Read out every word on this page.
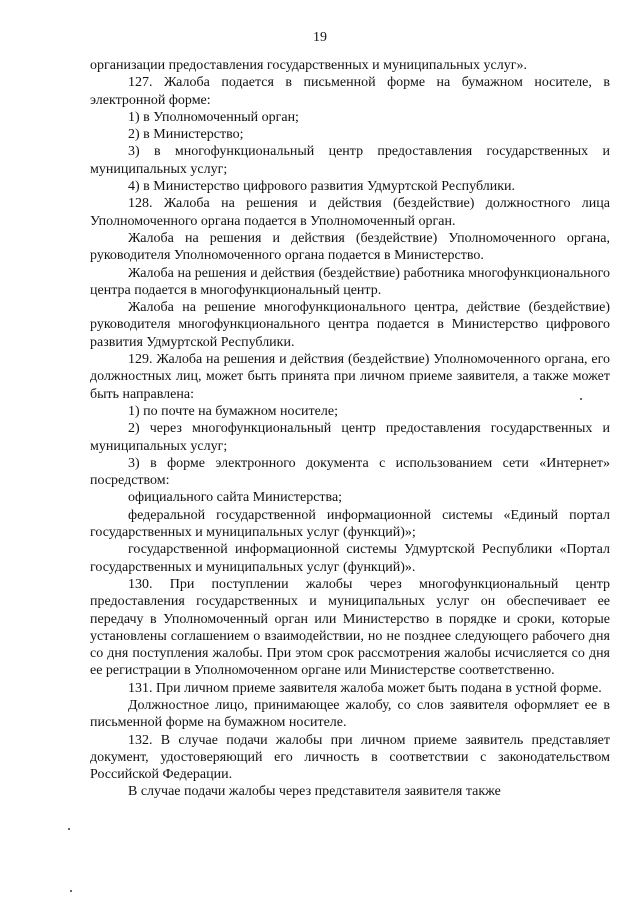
19

организации предоставления государственных и муниципальных услуг».

127. Жалоба подается в письменной форме на бумажном носителе, в электронной форме:

1) в Уполномоченный орган;

2) в Министерство;

3) в многофункциональный центр предоставления государственных и муниципальных услуг;

4) в Министерство цифрового развития Удмуртской Республики.

128. Жалоба на решения и действия (бездействие) должностного лица Уполномоченного органа подается в Уполномоченный орган.

Жалоба на решения и действия (бездействие) Уполномоченного органа, руководителя Уполномоченного органа подается в Министерство.

Жалоба на решения и действия (бездействие) работника многофункционального центра подается в многофункциональный центр.

Жалоба на решение многофункционального центра, действие (бездействие) руководителя многофункционального центра подается в Министерство цифрового развития Удмуртской Республики.

129. Жалоба на решения и действия (бездействие) Уполномоченного органа, его должностных лиц, может быть принята при личном приеме заявителя, а также может быть направлена:

1) по почте на бумажном носителе;

2) через многофункциональный центр предоставления государственных и муниципальных услуг;

3) в форме электронного документа с использованием сети «Интернет» посредством:

официального сайта Министерства;

федеральной государственной информационной системы «Единый портал государственных и муниципальных услуг (функций)»;

государственной информационной системы Удмуртской Республики «Портал государственных и муниципальных услуг (функций)».

130. При поступлении жалобы через многофункциональный центр предоставления государственных и муниципальных услуг он обеспечивает ее передачу в Уполномоченный орган или Министерство в порядке и сроки, которые установлены соглашением о взаимодействии, но не позднее следующего рабочего дня со дня поступления жалобы. При этом срок рассмотрения жалобы исчисляется со дня ее регистрации в Уполномоченном органе или Министерстве соответственно.

131. При личном приеме заявителя жалоба может быть подана в устной форме.

Должностное лицо, принимающее жалобу, со слов заявителя оформляет ее в письменной форме на бумажном носителе.

132. В случае подачи жалобы при личном приеме заявитель представляет документ, удостоверяющий его личность в соответствии с законодательством Российской Федерации.

В случае подачи жалобы через представителя заявителя также
